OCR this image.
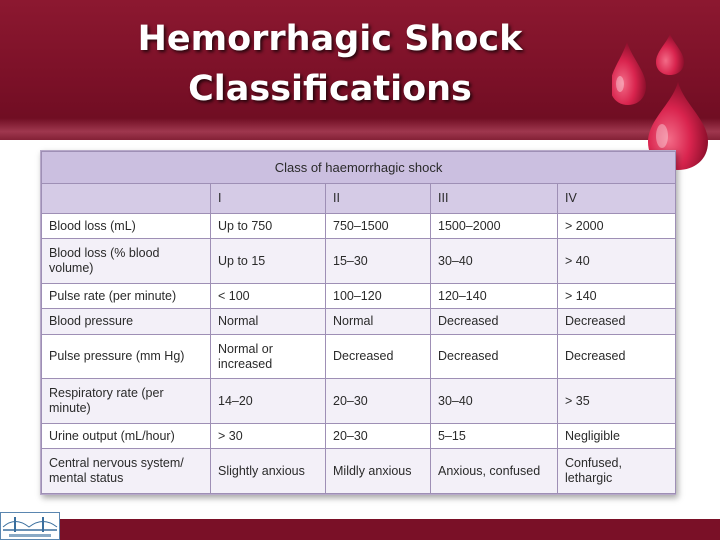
Hemorrhagic Shock
Classifications
Class of haemorrhagic shock				
	I	II	III	IV
Blood loss (mL)	Up to 750	750–1500	1500–2000	> 2000
Blood loss (% blood volume)	Up to 15	15–30	30–40	> 40
Pulse rate (per minute)	< 100	100–120	120–140	> 140
Blood pressure	Normal	Normal	Decreased	Decreased
Pulse pressure (mm Hg)	Normal or increased	Decreased	Decreased	Decreased
Respiratory rate (per minute)	14–20	20–30	30–40	> 35
Urine output (mL/hour)	> 30	20–30	5–15	Negligible
Central nervous system/ mental status	Slightly anxious	Mildly anxious	Anxious, confused	Confused, lethargic
